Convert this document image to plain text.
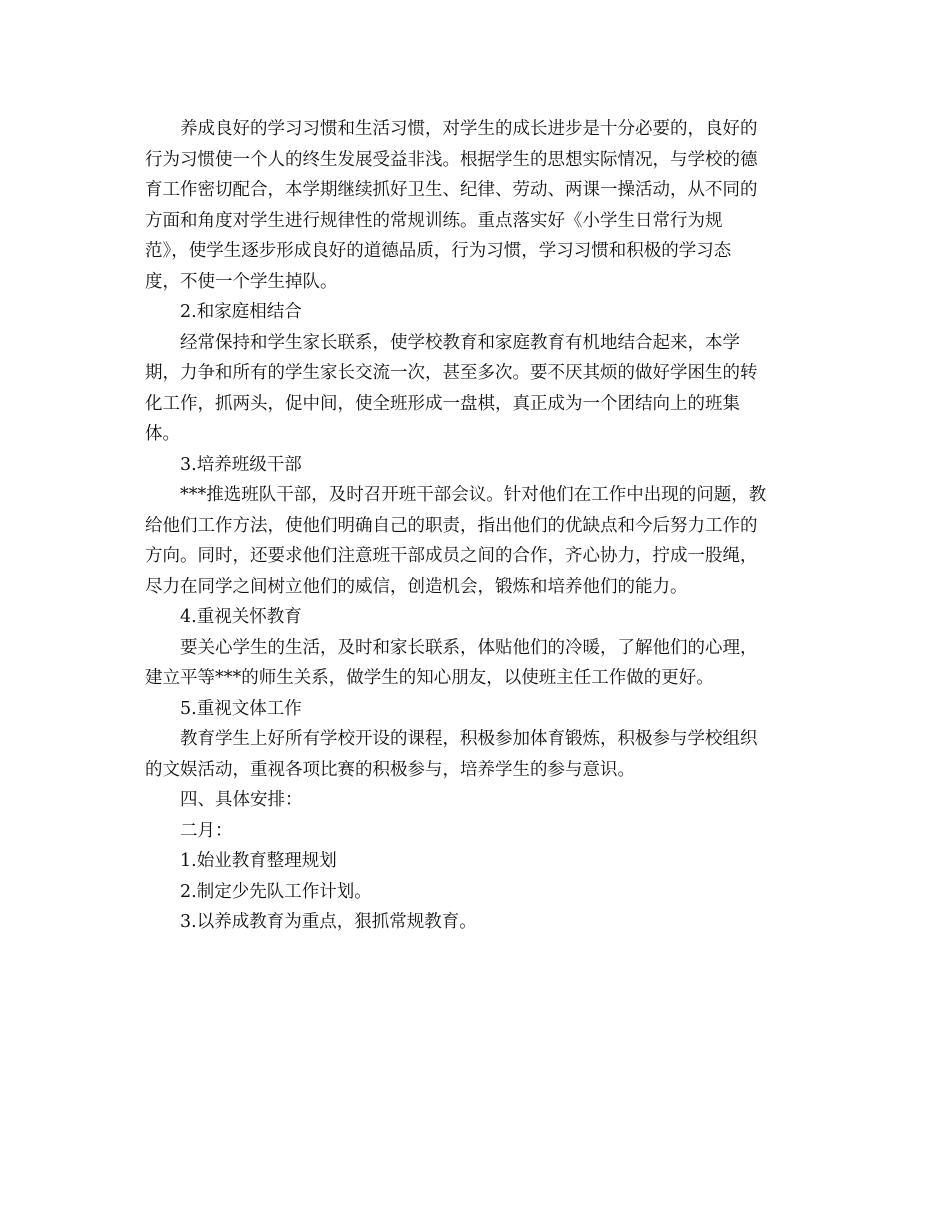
养成良好的学习习惯和生活习惯，对学生的成长进步是十分必要的，良好的
行为习惯使一个人的终生发展受益非浅。根据学生的思想实际情况，与学校的德
育工作密切配合，本学期继续抓好卫生、纪律、劳动、两课一操活动，从不同的
方面和角度对学生进行规律性的常规训练。重点落实好《小学生日常行为规
范》，使学生逐步形成良好的道德品质，行为习惯，学习习惯和积极的学习态
度，不使一个学生掉队。
2.和家庭相结合
经常保持和学生家长联系，使学校教育和家庭教育有机地结合起来，本学
期，力争和所有的学生家长交流一次，甚至多次。要不厌其烦的做好学困生的转
化工作，抓两头，促中间，使全班形成一盘棋，真正成为一个团结向上的班集
体。
3.培养班级干部
***推选班队干部，及时召开班干部会议。针对他们在工作中出现的问题，教
给他们工作方法，使他们明确自己的职责，指出他们的优缺点和今后努力工作的
方向。同时，还要求他们注意班干部成员之间的合作，齐心协力，拧成一股绳，
尽力在同学之间树立他们的威信，创造机会，锻炼和培养他们的能力。
4.重视关怀教育
要关心学生的生活，及时和家长联系，体贴他们的冷暖，了解他们的心理，
建立平等***的师生关系，做学生的知心朋友，以使班主任工作做的更好。
5.重视文体工作
教育学生上好所有学校开设的课程，积极参加体育锻炼，积极参与学校组织
的文娱活动，重视各项比赛的积极参与，培养学生的参与意识。
四、具体安排：
二月：
1.始业教育整理规划
2.制定少先队工作计划。
3.以养成教育为重点，狠抓常规教育。
